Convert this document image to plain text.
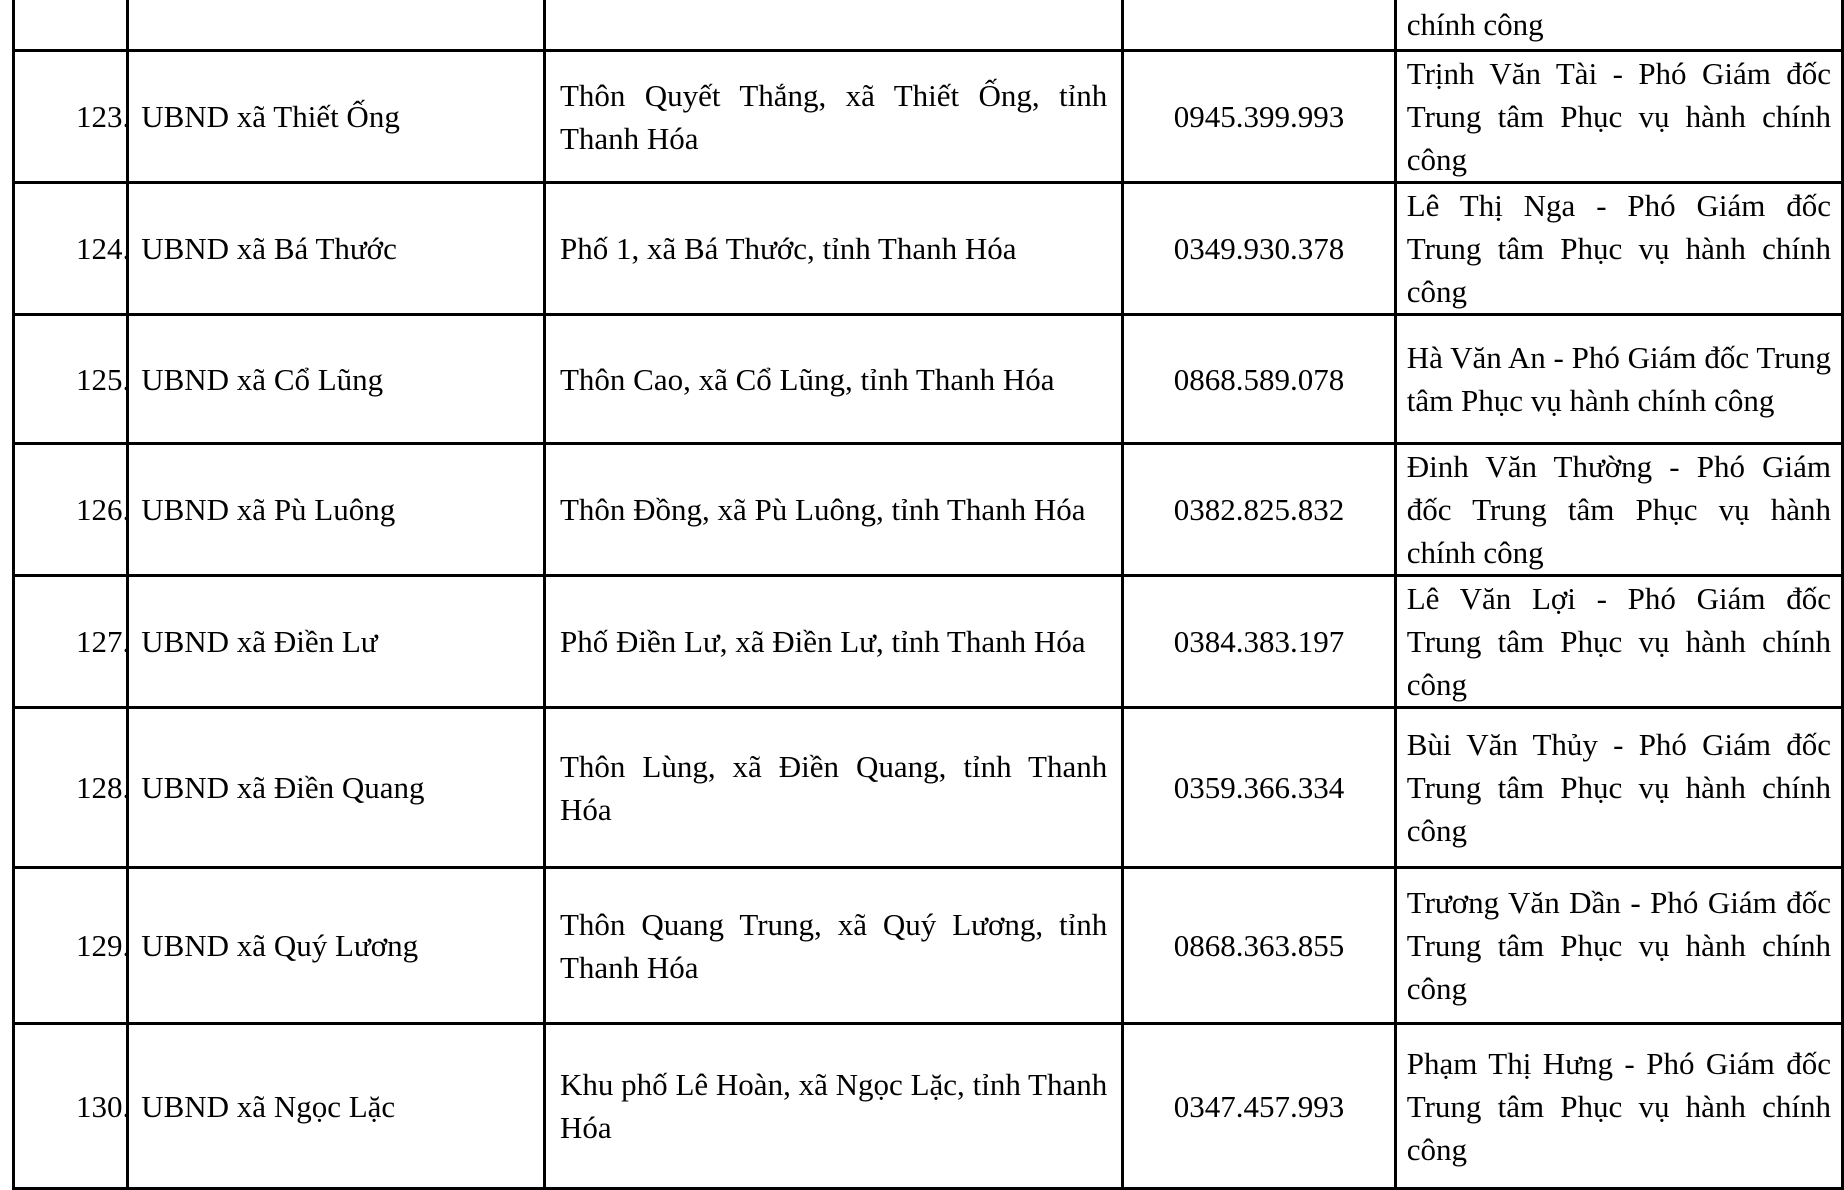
				chính công
123.	UBND xã Thiết Ống	Thôn Quyết Thắng, xã Thiết Ống, tỉnh Thanh Hóa	0945.399.993	Trịnh Văn Tài - Phó Giám đốc Trung tâm Phục vụ hành chính công
124.	UBND xã Bá Thước	Phố 1, xã Bá Thước, tỉnh Thanh Hóa	0349.930.378	Lê Thị Nga - Phó Giám đốc Trung tâm Phục vụ hành chính công
125.	UBND xã Cổ Lũng	Thôn Cao, xã Cổ Lũng, tỉnh Thanh Hóa	0868.589.078	Hà Văn An - Phó Giám đốc Trung tâm Phục vụ hành chính công
126.	UBND xã Pù Luông	Thôn Đồng, xã Pù Luông, tỉnh Thanh Hóa	0382.825.832	Đinh Văn Thường - Phó Giám đốc Trung tâm Phục vụ hành chính công
127.	UBND xã Điền Lư	Phố Điền Lư, xã Điền Lư, tỉnh Thanh Hóa	0384.383.197	Lê Văn Lợi - Phó Giám đốc Trung tâm Phục vụ hành chính công
128.	UBND xã Điền Quang	Thôn Lùng, xã Điền Quang, tỉnh Thanh Hóa	0359.366.334	Bùi Văn Thủy - Phó Giám đốc Trung tâm Phục vụ hành chính công
129.	UBND xã Quý Lương	Thôn Quang Trung, xã Quý Lương, tỉnh Thanh Hóa	0868.363.855	Trương Văn Dần - Phó Giám đốc Trung tâm Phục vụ hành chính công
130.	UBND xã Ngọc Lặc	Khu phố Lê Hoàn, xã Ngọc Lặc, tỉnh Thanh Hóa	0347.457.993	Phạm Thị Hưng - Phó Giám đốc Trung tâm Phục vụ hành chính công
